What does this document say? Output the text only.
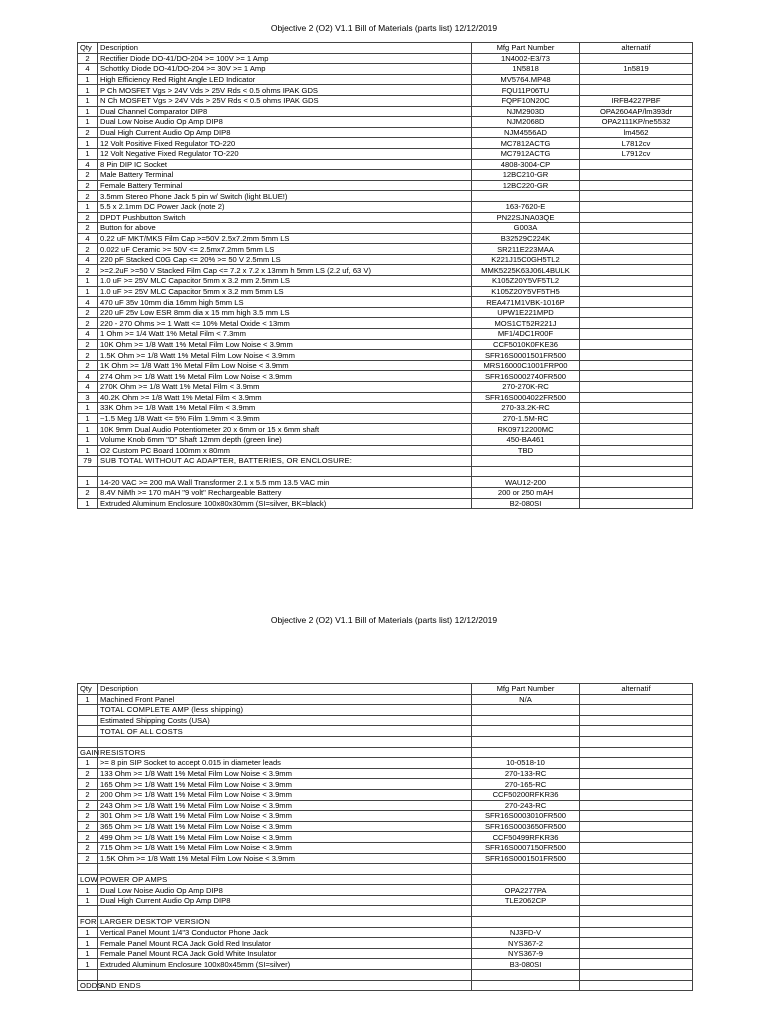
Objective 2 (O2) V1.1 Bill of Materials (parts list) 12/12/2019
Qty	Description	Mfg Part Number	alternatif
2	Rectifier Diode DO-41/DO-204 >= 100V >= 1 Amp	1N4002-E3/73	
4	Schottky Diode DO-41/DO-204 >= 30V >= 1 Amp	1N5818	1n5819
1	High Efficiency Red Right Angle LED Indicator	MV5764.MP48	
1	P Ch MOSFET Vgs > 24V Vds > 25V Rds < 0.5 ohms IPAK GDS	FQU11P06TU	
1	N Ch MOSFET Vgs > 24V Vds > 25V Rds < 0.5 ohms IPAK GDS	FQPF10N20C	IRFB4227PBF
1	Dual Channel Comparator DIP8	NJM2903D	OPA2604AP/lm393dr
1	Dual Low Noise Audio Op Amp DIP8	NJM2068D	OPA2111KP/ne5532
2	Dual High Current Audio Op Amp DIP8	NJM4556AD	lm4562
1	12 Volt Positive Fixed Regulator TO-220	MC7812ACTG	L7812cv
1	12 Volt Negative Fixed Regulator TO-220	MC7912ACTG	L7912cv
4	8 Pin DIP IC Socket	4808-3004-CP	
2	Male Battery Terminal	12BC210-GR	
2	Female Battery Terminal	12BC220-GR	
2	3.5mm Stereo Phone Jack 5 pin w/ Switch (light BLUE!)		
1	5.5 x 2.1mm DC Power Jack (note 2)	163-7620-E	
2	DPDT Pushbutton Switch	PN22SJNA03QE	
2	Button for above	G003A	
4	0.22 uF MKT/MKS Film Cap >=50V 2.5x7.2mm 5mm LS	B32529C224K	
2	0.022 uF Ceramic >= 50V <= 2.5mx7.2mm 5mm LS	SR211E223MAA	
4	220 pF Stacked C0G Cap <= 20% >= 50 V 2.5mm LS	K221J15C0GH5TL2	
2	>=2.2uF >=50 V Stacked Film Cap <= 7.2 x 7.2 x 13mm h 5mm LS (2.2 uf, 63 V)	MMK5225K63J06L4BULK	
1	1.0 uF >= 25V MLC Capacitor 5mm x 3.2 mm 2.5mm LS	K105Z20Y5VF5TL2	
1	1.0 uF >= 25V MLC Capacitor 5mm x 3.2 mm 5mm LS	K105Z20Y5VF5TH5	
4	470 uF 35v 10mm dia 16mm high 5mm LS	REA471M1VBK-1016P	
2	220 uF 25v Low ESR 8mm dia x 15 mm high 3.5 mm LS	UPW1E221MPD	
2	220 - 270 Ohms >= 1 Watt <= 10% Metal Oxide < 13mm	MOS1CT52R221J	
4	1 Ohm >= 1/4 Watt 1% Metal Film < 7.3mm	MF1/4DC1R00F	
2	10K Ohm >= 1/8 Watt 1% Metal Film Low Noise < 3.9mm	CCF5010K0FKE36	
2	1.5K Ohm >= 1/8 Watt 1% Metal Film Low Noise < 3.9mm	SFR16S0001501FR500	
2	1K Ohm >= 1/8 Watt 1% Metal Film Low Noise < 3.9mm	MRS16000C1001FRP00	
4	274 Ohm >= 1/8 Watt 1% Metal Film Low Noise < 3.9mm	SFR16S0002740FR500	
4	270K Ohm >= 1/8 Watt 1% Metal Film < 3.9mm	270-270K-RC	
3	40.2K Ohm >= 1/8 Watt 1% Metal Film < 3.9mm	SFR16S0004022FR500	
1	33K Ohm >= 1/8 Watt 1% Metal Film < 3.9mm	270-33.2K-RC	
1	~1.5 Meg 1/8 Watt <= 5% Film 1.9mm < 3.9mm	270-1.5M-RC	
1	10K 9mm Dual Audio Potentiometer 20 x 6mm or 15 x 6mm shaft	RK09712200MC	
1	Volume Knob 6mm "D" Shaft 12mm depth (green line)	450-BA461	
1	O2 Custom PC Board 100mm x 80mm	TBD	
79	SUB TOTAL WITHOUT AC ADAPTER, BATTERIES, OR ENCLOSURE:		

1	14-20 VAC >= 200 mA Wall Transformer 2.1 x 5.5 mm 13.5 VAC min	WAU12-200	
2	8.4V NiMh >= 170 mAH "9 volt" Rechargeable Battery	200 or 250 mAH	
1	Extruded Aluminum Enclosure 100x80x30mm (SI=silver, BK=black)	B2-080SI	
Objective 2 (O2) V1.1 Bill of Materials (parts list) 12/12/2019
Qty	Description	Mfg Part Number	alternatif
1	Machined Front Panel	N/A	
	TOTAL COMPLETE AMP (less shipping)		
	Estimated Shipping Costs (USA)		
	TOTAL OF ALL COSTS		

GAIN	RESISTORS		
1	>= 8 pin SIP Socket to accept 0.015 in diameter leads	10-0518-10	
2	133 Ohm >= 1/8 Watt 1% Metal Film Low Noise < 3.9mm	270-133-RC	
2	165 Ohm >= 1/8 Watt 1% Metal Film Low Noise < 3.9mm	270-165-RC	
2	200 Ohm >= 1/8 Watt 1% Metal Film Low Noise < 3.9mm	CCF50200RFKR36	
2	243 Ohm >= 1/8 Watt 1% Metal Film Low Noise < 3.9mm	270-243-RC	
2	301 Ohm >= 1/8 Watt 1% Metal Film Low Noise < 3.9mm	SFR16S0003010FR500	
2	365 Ohm >= 1/8 Watt 1% Metal Film Low Noise < 3.9mm	SFR16S0003650FR500	
2	499 Ohm >= 1/8 Watt 1% Metal Film Low Noise < 3.9mm	CCF50499RFKR36	
2	715 Ohm >= 1/8 Watt 1% Metal Film Low Noise < 3.9mm	SFR16S0007150FR500	
2	1.5K Ohm >= 1/8 Watt 1% Metal Film Low Noise < 3.9mm	SFR16S0001501FR500	

LOW	POWER OP AMPS		
1	Dual Low Noise Audio Op Amp DIP8	OPA2277PA	
1	Dual High Current Audio Op Amp DIP8	TLE2062CP	

FOR	LARGER DESKTOP VERSION		
1	Vertical Panel Mount 1/4"3 Conductor Phone Jack	NJ3FD-V	
1	Female Panel Mount RCA Jack Gold Red Insulator	NYS367-2	
1	Female Panel Mount RCA Jack Gold White Insulator	NYS367-9	
1	Extruded Aluminum Enclosure 100x80x45mm (SI=silver)	B3-080SI	

ODDS	AND ENDS		
